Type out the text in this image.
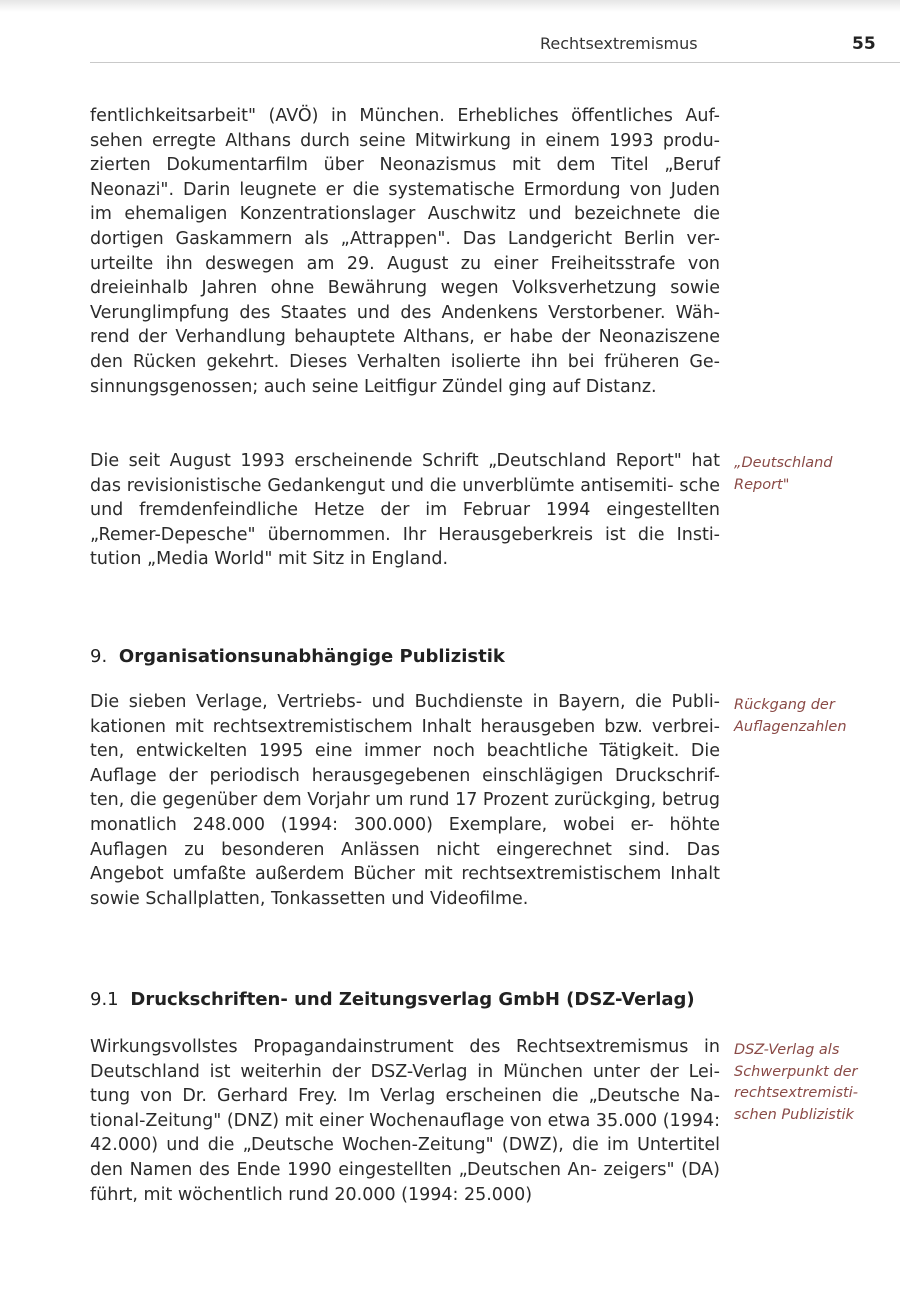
Rechtsextremismus	55

fentlichkeitsarbeit" (AVÖ) in München. Erhebliches öffentliches Auf- sehen erregte Althans durch seine Mitwirkung in einem 1993 produ- zierten Dokumentarfilm über Neonazismus mit dem Titel „Beruf Neonazi". Darin leugnete er die systematische Ermordung von Juden im ehemaligen Konzentrationslager Auschwitz und bezeichnete die dortigen Gaskammern als „Attrappen". Das Landgericht Berlin ver- urteilte ihn deswegen am 29. August zu einer Freiheitsstrafe von dreieinhalb Jahren ohne Bewährung wegen Volksverhetzung sowie Verunglimpfung des Staates und des Andenkens Verstorbener. Wäh- rend der Verhandlung behauptete Althans, er habe der Neonaziszene den Rücken gekehrt. Dieses Verhalten isolierte ihn bei früheren Ge- sinnungsgenossen; auch seine Leitfigur Zündel ging auf Distanz.

Die seit August 1993 erscheinende Schrift „Deutschland Report" hat das revisionistische Gedankengut und die unverblümte antisemiti- sche und fremdenfeindliche Hetze der im Februar 1994 eingestellten „Remer-Depesche" übernommen. Ihr Herausgeberkreis ist die Insti- tution „Media World" mit Sitz in England.

„Deutschland
Report"

9. Organisationsunabhängige Publizistik

Die sieben Verlage, Vertriebs- und Buchdienste in Bayern, die Publi- kationen mit rechtsextremistischem Inhalt herausgeben bzw. verbrei- ten, entwickelten 1995 eine immer noch beachtliche Tätigkeit. Die Auflage der periodisch herausgegebenen einschlägigen Druckschrif- ten, die gegenüber dem Vorjahr um rund 17 Prozent zurückging, betrug monatlich 248.000 (1994: 300.000) Exemplare, wobei er- höhte Auflagen zu besonderen Anlässen nicht eingerechnet sind. Das Angebot umfaßte außerdem Bücher mit rechtsextremistischem Inhalt sowie Schallplatten, Tonkassetten und Videofilme.

Rückgang der
Auflagenzahlen

9.1 Druckschriften- und Zeitungsverlag GmbH (DSZ-Verlag)

Wirkungsvollstes Propagandainstrument des Rechtsextremismus in Deutschland ist weiterhin der DSZ-Verlag in München unter der Lei- tung von Dr. Gerhard Frey. Im Verlag erscheinen die „Deutsche Na- tional-Zeitung" (DNZ) mit einer Wochenauflage von etwa 35.000 (1994: 42.000) und die „Deutsche Wochen-Zeitung" (DWZ), die im Untertitel den Namen des Ende 1990 eingestellten „Deutschen An- zeigers" (DA) führt, mit wöchentlich rund 20.000 (1994: 25.000)

DSZ-Verlag als
Schwerpunkt der
rechtsextremisti-
schen Publizistik
